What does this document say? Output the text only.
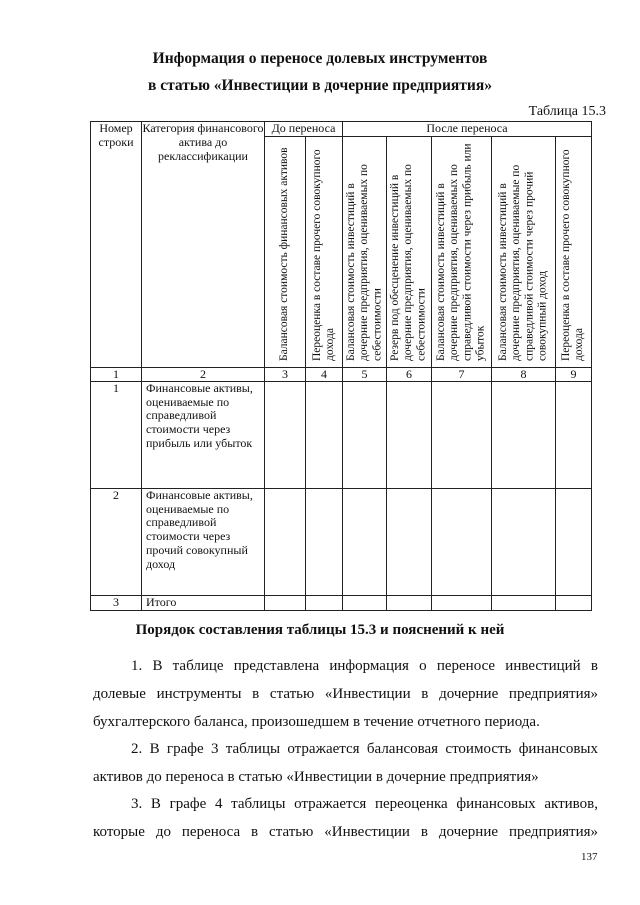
Информация о переносе долевых инструментов
в статью «Инвестиции в дочерние предприятия»
Таблица 15.3
Номер строки	Категория финансового актива до реклассификации	До переноса		После переноса				
		Балансовая стоимость финансовых активов	Переоценка в составе прочего совокупного дохода	Балансовая стоимость инвестиций в дочерние предприятия, оцениваемых по себестоимости	Резерв под обесценение инвестиций в дочерние предприятия, оцениваемых по себестоимости	Балансовая стоимость инвестиций в дочерние предприятия, оцениваемых по справедливой стоимости через прибыль или убыток	Балансовая стоимость инвестиций в дочерние предприятия, оцениваемые по справедливой стоимости через прочий совокупный доход	Переоценка в составе прочего совокупного дохода
1	2	3	4	5	6	7	8	9
1	Финансовые активы, оцениваемые по справедливой стоимости через прибыль или убыток							
2	Финансовые активы, оцениваемые по справедливой стоимости через прочий совокупный доход							
3	Итого							
Порядок составления таблицы 15.3 и пояснений к ней

1. В таблице представлена информация о переносе инвестиций в долевые инструменты в статью «Инвестиции в дочерние предприятия» бухгалтерского баланса, произошедшем в течение отчетного периода.

2. В графе 3 таблицы отражается балансовая стоимость финансовых активов до переноса в статью «Инвестиции в дочерние предприятия»

3. В графе 4 таблицы отражается переоценка финансовых активов, которые до переноса в статью «Инвестиции в дочерние предприятия»

137
